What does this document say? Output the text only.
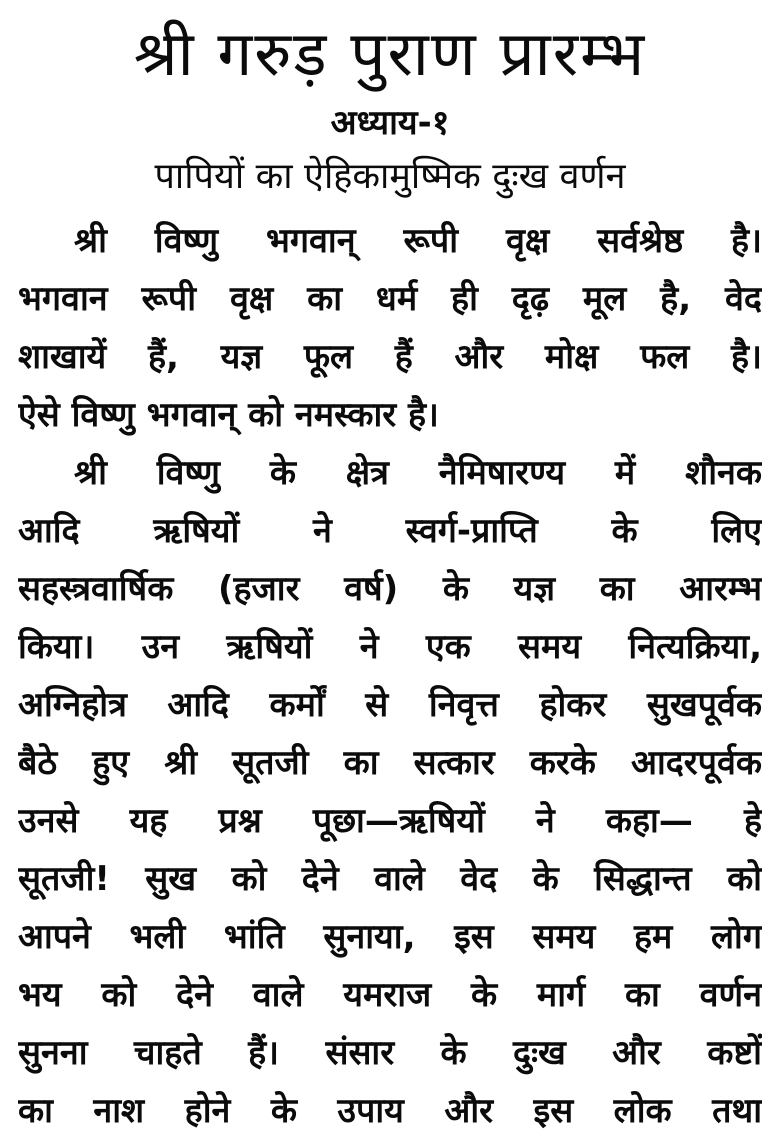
श्री गरुड़ पुराण प्रारम्भ
अध्याय-१
पापियों का ऐहिकामुष्मिक दुःख वर्णन
श्री विष्णु भगवान् रूपी वृक्ष सर्वश्रेष्ठ है।
भगवान रूपी वृक्ष का धर्म ही दृढ़ मूल है, वेद
शाखायें हैं, यज्ञ फूल हैं और मोक्ष फल है।
ऐसे विष्णु भगवान् को नमस्कार है।
श्री विष्णु के क्षेत्र नैमिषारण्य में शौनक
आदि ऋषियों ने स्वर्ग-प्राप्ति के लिए
सहस्त्रवार्षिक (हजार वर्ष) के यज्ञ का आरम्भ
किया। उन ऋषियों ने एक समय नित्यक्रिया,
अग्निहोत्र आदि कर्मों से निवृत्त होकर सुखपूर्वक
बैठे हुए श्री सूतजी का सत्कार करके आदरपूर्वक
उनसे यह प्रश्न पूछा—ऋषियों ने कहा— हे
सूतजी! सुख को देने वाले वेद के सिद्धान्त को
आपने भली भांति सुनाया, इस समय हम लोग
भय को देने वाले यमराज के मार्ग का वर्णन
सुनना चाहते हैं। संसार के दुःख और कष्टों
का नाश होने के उपाय और इस लोक तथा
